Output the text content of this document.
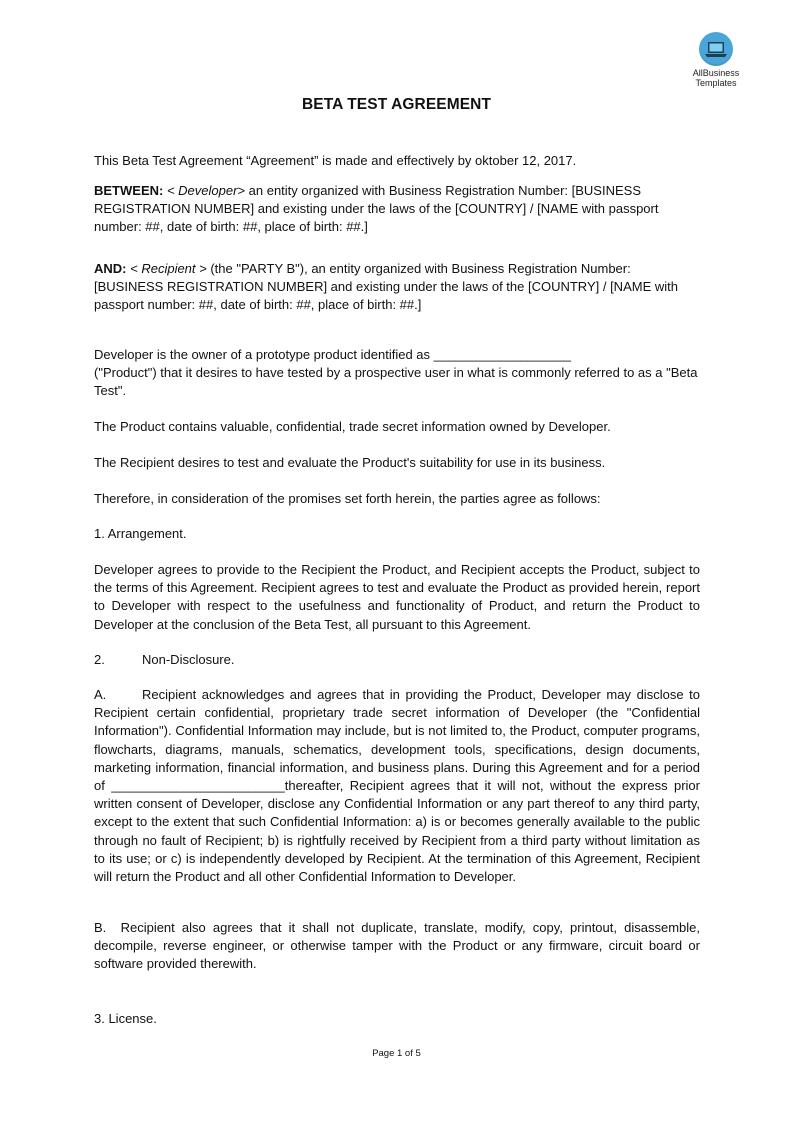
AllBusiness
Templates
BETA TEST AGREEMENT
This Beta Test Agreement “Agreement” is made and effectively by oktober 12, 2017.
BETWEEN: < Developer> an entity organized with Business Registration Number: [BUSINESS REGISTRATION NUMBER] and existing under the laws of the [COUNTRY] / [NAME with passport number: ##, date of birth: ##, place of birth: ##.]
AND: < Recipient > (the "PARTY B"), an entity organized with Business Registration Number: [BUSINESS REGISTRATION NUMBER] and existing under the laws of the [COUNTRY] / [NAME with passport number: ##, date of birth: ##, place of birth: ##.]
Developer is the owner of a prototype product identified as ___________________
("Product") that it desires to have tested by a prospective user in what is commonly referred to as a "Beta Test".
The Product contains valuable, confidential, trade secret information owned by Developer.
The Recipient desires to test and evaluate the Product's suitability for use in its business.
Therefore, in consideration of the promises set forth herein, the parties agree as follows:
1. Arrangement.
Developer agrees to provide to the Recipient the Product, and Recipient accepts the Product, subject to the terms of this Agreement. Recipient agrees to test and evaluate the Product as provided herein, report to Developer with respect to the usefulness and functionality of Product, and return the Product to Developer at the conclusion of the Beta Test, all pursuant to this Agreement.
2.	Non-Disclosure.
A.	Recipient acknowledges and agrees that in providing the Product, Developer may disclose to Recipient certain confidential, proprietary trade secret information of Developer (the "Confidential Information"). Confidential Information may include, but is not limited to, the Product, computer programs, flowcharts, diagrams, manuals, schematics, development tools, specifications, design documents, marketing information, financial information, and business plans. During this Agreement and for a period of ________________________thereafter, Recipient agrees that it will not, without the express prior written consent of Developer, disclose any Confidential Information or any part thereof to any third party, except to the extent that such Confidential Information: a) is or becomes generally available to the public through no fault of Recipient; b) is rightfully received by Recipient from a third party without limitation as to its use; or c) is independently developed by Recipient. At the termination of this Agreement, Recipient will return the Product and all other Confidential Information to Developer.
B. Recipient also agrees that it shall not duplicate, translate, modify, copy, printout, disassemble, decompile, reverse engineer, or otherwise tamper with the Product or any firmware, circuit board or software provided therewith.
3. License.
Page 1 of 5
